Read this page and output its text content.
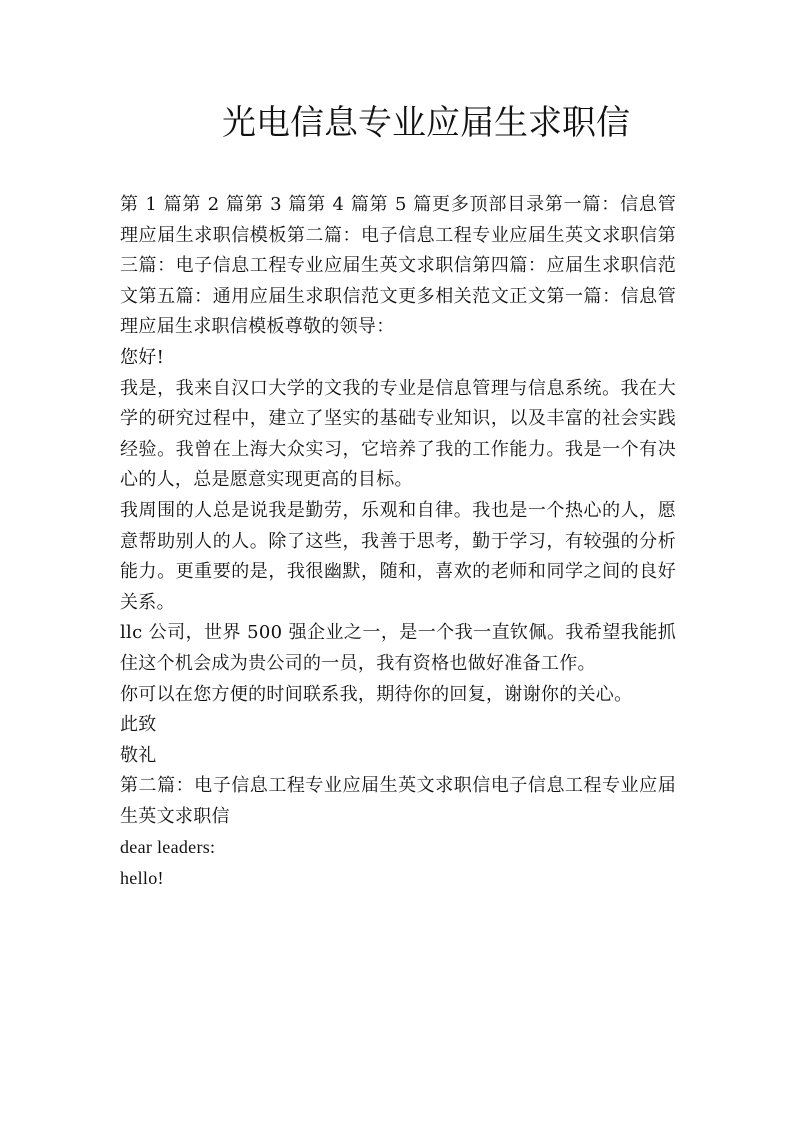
光电信息专业应届生求职信

第 1 篇第 2 篇第 3 篇第 4 篇第 5 篇更多顶部目录第一篇：信息管理应届生求职信模板第二篇：电子信息工程专业应届生英文求职信第三篇：电子信息工程专业应届生英文求职信第四篇：应届生求职信范文第五篇：通用应届生求职信范文更多相关范文正文第一篇：信息管理应届生求职信模板尊敬的领导：

您好!

我是，我来自汉口大学的文我的专业是信息管理与信息系统。我在大学的研究过程中，建立了坚实的基础专业知识，以及丰富的社会实践经验。我曾在上海大众实习，它培养了我的工作能力。我是一个有决心的人，总是愿意实现更高的目标。

我周围的人总是说我是勤劳，乐观和自律。我也是一个热心的人，愿意帮助别人的人。除了这些，我善于思考，勤于学习，有较强的分析能力。更重要的是，我很幽默，随和，喜欢的老师和同学之间的良好关系。

llc 公司，世界 500 强企业之一，是一个我一直钦佩。我希望我能抓住这个机会成为贵公司的一员，我有资格也做好准备工作。

你可以在您方便的时间联系我，期待你的回复，谢谢你的关心。

此致

敬礼

第二篇：电子信息工程专业应届生英文求职信电子信息工程专业应届生英文求职信

dear leaders:

hello!
